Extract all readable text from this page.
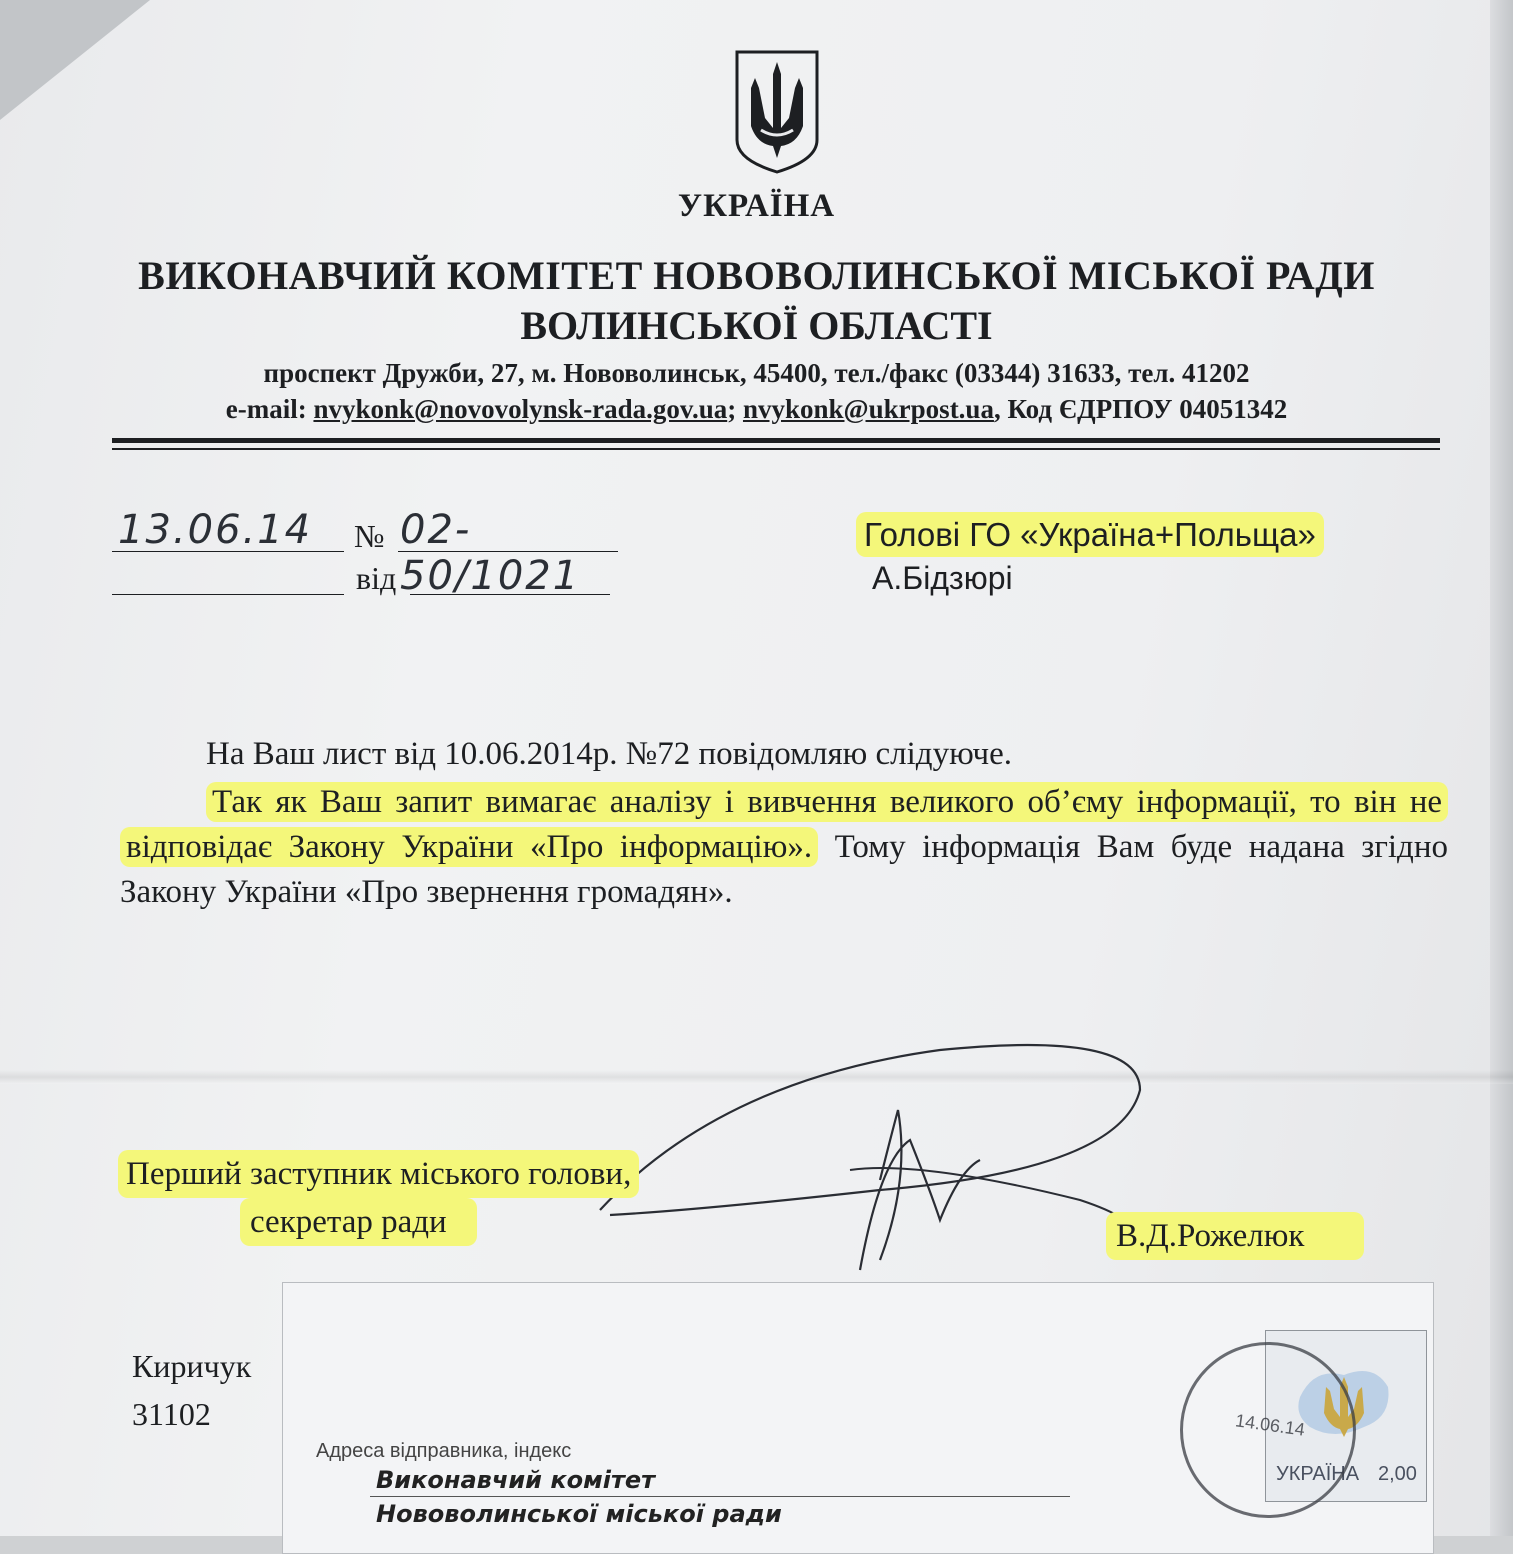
УКРАЇНА
ВИКОНАВЧИЙ КОМІТЕТ НОВОВОЛИНСЬКОЇ МІСЬКОЇ РАДИ
ВОЛИНСЬКОЇ ОБЛАСТІ
проспект Дружби, 27, м. Нововолинськ, 45400, тел./факс (03344) 31633, тел. 41202
e-mail: nvykonk@novovolynsk-rada.gov.ua; nvykonk@ukrpost.ua, Код ЄДРПОУ 04051342
13.06.14 № 02-50/1021
від
Голові ГО «Україна+Польща»
А.Бідзюрі
На Ваш лист від 10.06.2014р. №72 повідомляю слідуюче.
Так як Ваш запит вимагає аналізу і вивчення великого об’єму інформації, то він не відповідає Закону України «Про інформацію». Тому інформація Вам буде надана згідно Закону України «Про звернення громадян».
Перший заступник міського голови,
секретар ради	В.Д.Рожелюк
УКРАЇНА 2,00
14.06.14
Киричук
31102
Адреса відправника, індекс
Виконавчий комітет
Нововолинської міської ради
